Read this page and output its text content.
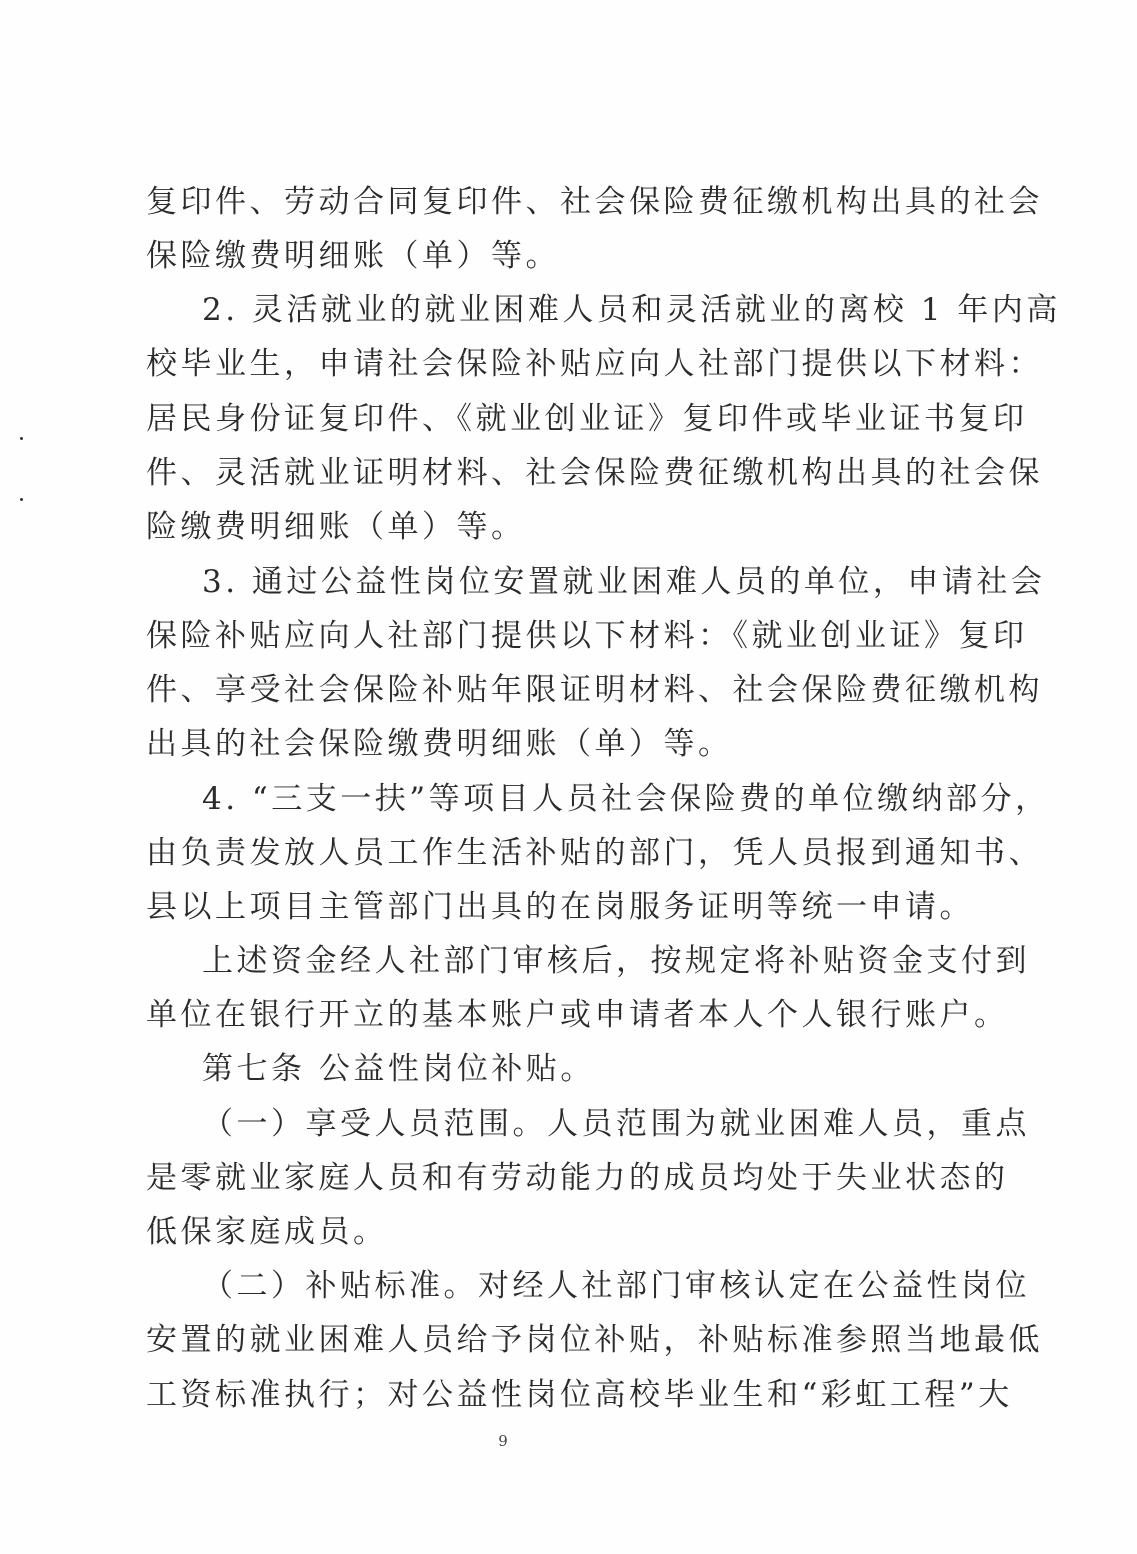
复印件、劳动合同复印件、社会保险费征缴机构出具的社会
保险缴费明细账（单）等。
2. 灵活就业的就业困难人员和灵活就业的离校 1 年内高
校毕业生，申请社会保险补贴应向人社部门提供以下材料：
居民身份证复印件、《就业创业证》复印件或毕业证书复印
件、灵活就业证明材料、社会保险费征缴机构出具的社会保
险缴费明细账（单）等。
3. 通过公益性岗位安置就业困难人员的单位，申请社会
保险补贴应向人社部门提供以下材料：《就业创业证》复印
件、享受社会保险补贴年限证明材料、社会保险费征缴机构
出具的社会保险缴费明细账（单）等。
4. “三支一扶”等项目人员社会保险费的单位缴纳部分，
由负责发放人员工作生活补贴的部门，凭人员报到通知书、
县以上项目主管部门出具的在岗服务证明等统一申请。
上述资金经人社部门审核后，按规定将补贴资金支付到
单位在银行开立的基本账户或申请者本人个人银行账户。
第七条 公益性岗位补贴。
（一）享受人员范围。人员范围为就业困难人员，重点
是零就业家庭人员和有劳动能力的成员均处于失业状态的
低保家庭成员。
（二）补贴标准。对经人社部门审核认定在公益性岗位
安置的就业困难人员给予岗位补贴，补贴标准参照当地最低
工资标准执行；对公益性岗位高校毕业生和“彩虹工程”大
9
